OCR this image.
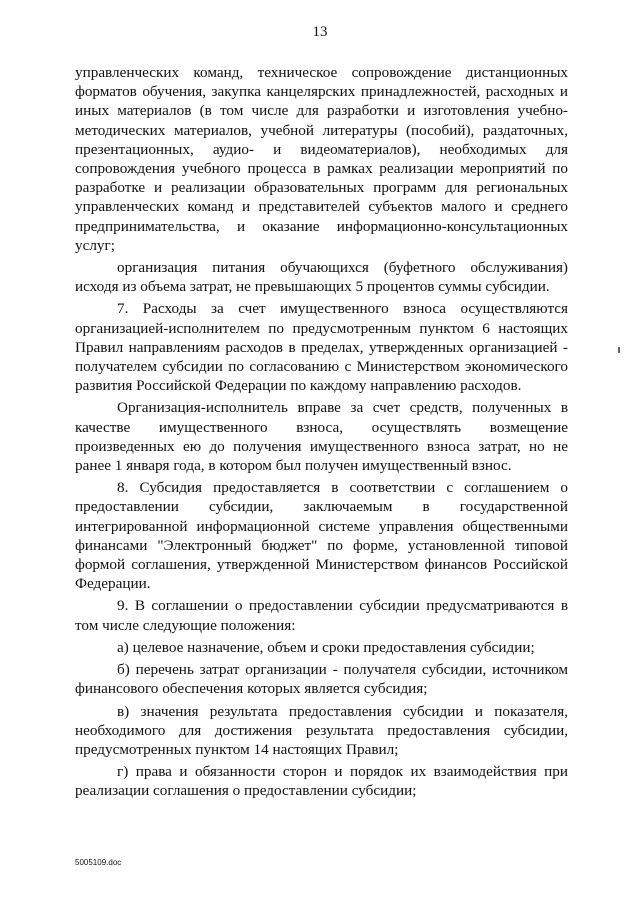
13

управленческих команд, техническое сопровождение дистанционных форматов обучения, закупка канцелярских принадлежностей, расходных и иных материалов (в том числе для разработки и изготовления учебно-методических материалов, учебной литературы (пособий), раздаточных, презентационных, аудио- и видеоматериалов), необходимых для сопровождения учебного процесса в рамках реализации мероприятий по разработке и реализации образовательных программ для региональных управленческих команд и представителей субъектов малого и среднего предпринимательства, и оказание информационно-консультационных услуг;

организация питания обучающихся (буфетного обслуживания) исходя из объема затрат, не превышающих 5 процентов суммы субсидии.

7. Расходы за счет имущественного взноса осуществляются организацией-исполнителем по предусмотренным пунктом 6 настоящих Правил направлениям расходов в пределах, утвержденных организацией - получателем субсидии по согласованию с Министерством экономического развития Российской Федерации по каждому направлению расходов.

Организация-исполнитель вправе за счет средств, полученных в качестве имущественного взноса, осуществлять возмещение произведенных ею до получения имущественного взноса затрат, но не ранее 1 января года, в котором был получен имущественный взнос.

8. Субсидия предоставляется в соответствии с соглашением о предоставлении субсидии, заключаемым в государственной интегрированной информационной системе управления общественными финансами "Электронный бюджет" по форме, установленной типовой формой соглашения, утвержденной Министерством финансов Российской Федерации.

9. В соглашении о предоставлении субсидии предусматриваются в том числе следующие положения:

а) целевое назначение, объем и сроки предоставления субсидии;

б) перечень затрат организации - получателя субсидии, источником финансового обеспечения которых является субсидия;

в) значения результата предоставления субсидии и показателя, необходимого для достижения результата предоставления субсидии, предусмотренных пунктом 14 настоящих Правил;

г) права и обязанности сторон и порядок их взаимодействия при реализации соглашения о предоставлении субсидии;

5005109.doc
